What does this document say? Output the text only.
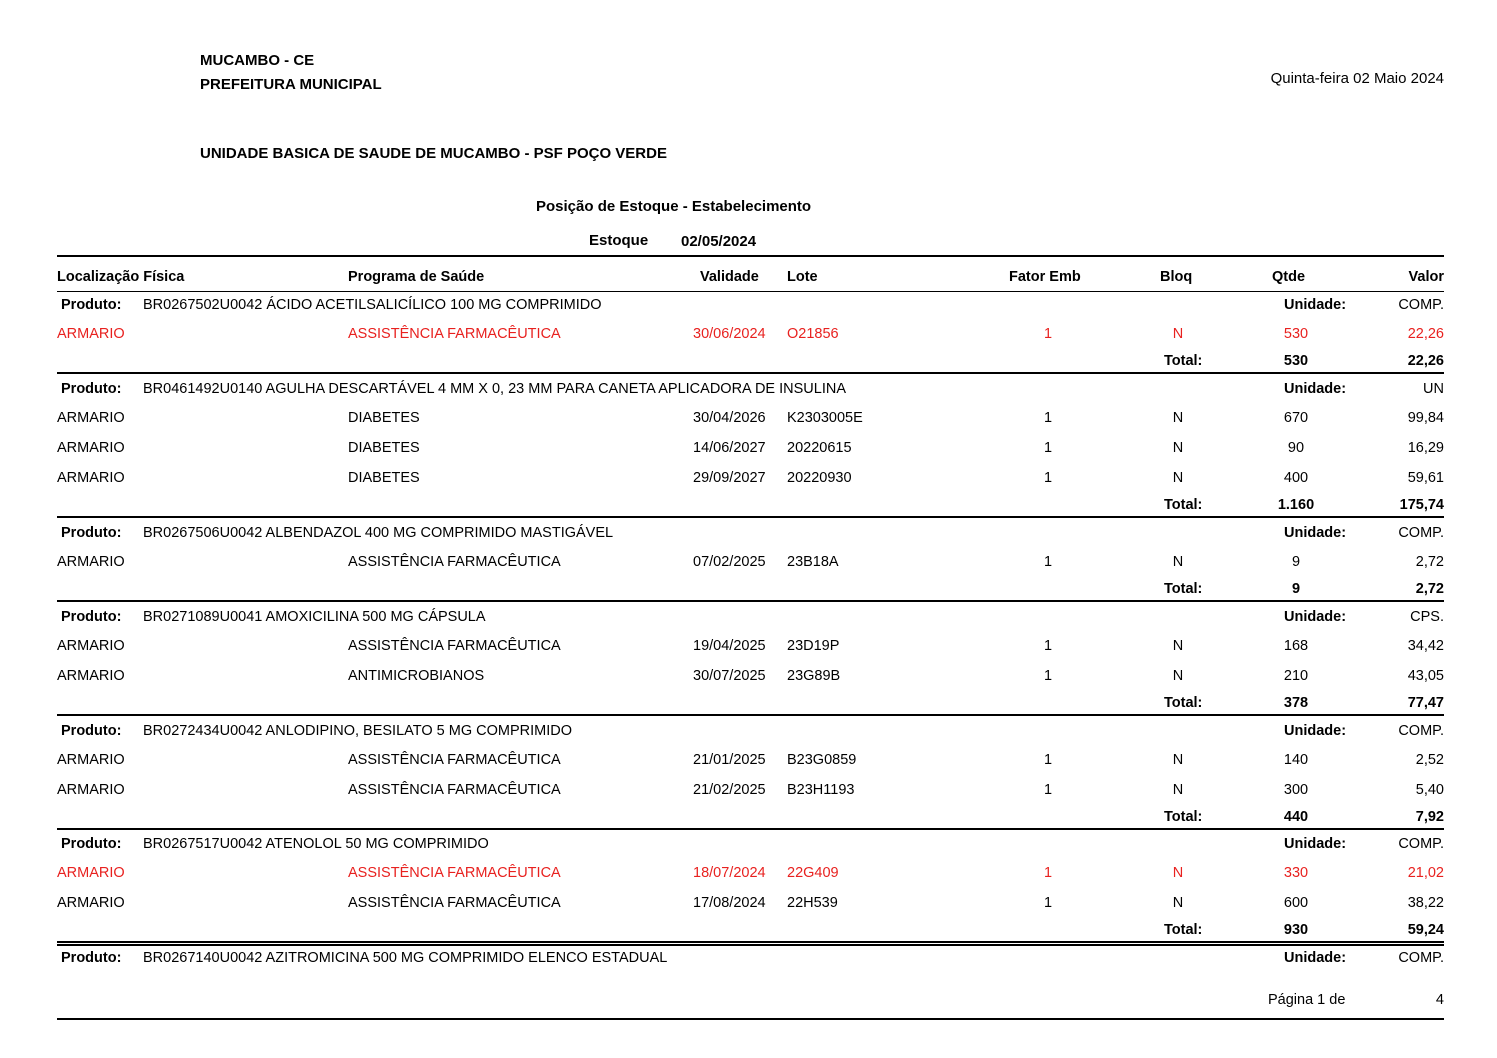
MUCAMBO - CE
PREFEITURA MUNICIPAL	Quinta-feira 02 Maio 2024
UNIDADE BASICA DE SAUDE DE MUCAMBO - PSF POÇO VERDE
Posição de Estoque - Estabelecimento
Estoque 02/05/2024
Localização Física	Programa de Saúde	Validade Lote	Fator Emb	Bloq	Qtde	Valor
Produto: BR0267502U0042 ÁCIDO ACETILSALICÍLICO 100 MG COMPRIMIDO	Unidade:	COMP.
ARMARIO	ASSISTÊNCIA FARMACÊUTICA	30/06/2024 O21856	1	N	530	22,26
Total:	530	22,26
Produto: BR0461492U0140 AGULHA DESCARTÁVEL 4 MM X 0, 23 MM PARA CANETA APLICADORA DE INSULINA	Unidade:	UN
ARMARIO	DIABETES	30/04/2026 K2303005E	1	N	670	99,84
ARMARIO	DIABETES	14/06/2027 20220615	1	N	90	16,29
ARMARIO	DIABETES	29/09/2027 20220930	1	N	400	59,61
Total:	1.160	175,74
Produto: BR0267506U0042 ALBENDAZOL 400 MG COMPRIMIDO MASTIGÁVEL	Unidade:	COMP.
ARMARIO	ASSISTÊNCIA FARMACÊUTICA	07/02/2025 23B18A	1	N	9	2,72
Total:	9	2,72
Produto: BR0271089U0041 AMOXICILINA 500 MG CÁPSULA	Unidade:	CPS.
ARMARIO	ASSISTÊNCIA FARMACÊUTICA	19/04/2025 23D19P	1	N	168	34,42
ARMARIO	ANTIMICROBIANOS	30/07/2025 23G89B	1	N	210	43,05
Total:	378	77,47
Produto: BR0272434U0042 ANLODIPINO, BESILATO 5 MG COMPRIMIDO	Unidade:	COMP.
ARMARIO	ASSISTÊNCIA FARMACÊUTICA	21/01/2025 B23G0859	1	N	140	2,52
ARMARIO	ASSISTÊNCIA FARMACÊUTICA	21/02/2025 B23H1193	1	N	300	5,40
Total:	440	7,92
Produto: BR0267517U0042 ATENOLOL 50 MG COMPRIMIDO	Unidade:	COMP.
ARMARIO	ASSISTÊNCIA FARMACÊUTICA	18/07/2024 22G409	1	N	330	21,02
ARMARIO	ASSISTÊNCIA FARMACÊUTICA	17/08/2024 22H539	1	N	600	38,22
Total:	930	59,24
Produto: BR0267140U0042 AZITROMICINA 500 MG COMPRIMIDO ELENCO ESTADUAL	Unidade:	COMP.
Página 1 de	4
